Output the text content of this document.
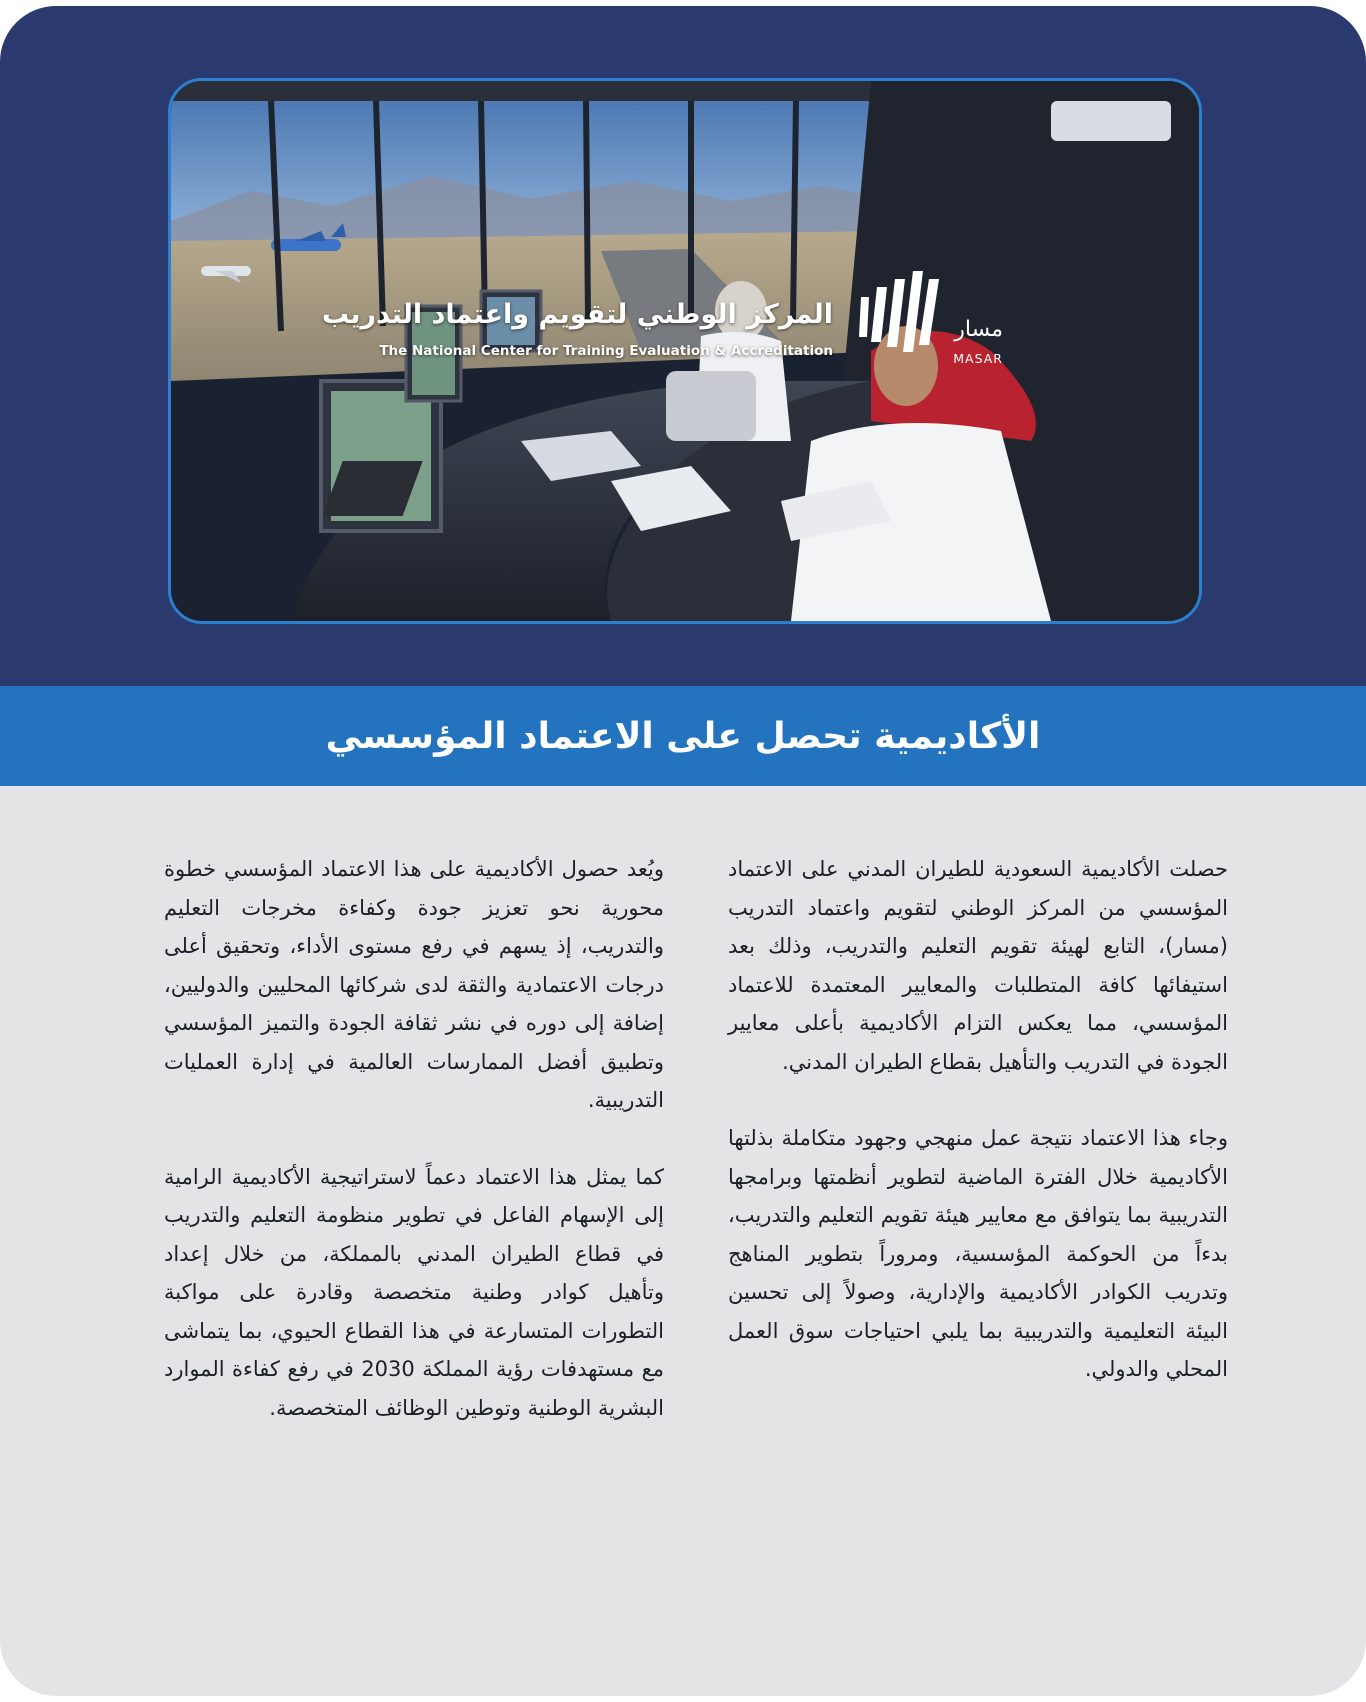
المركز الوطني لتقويم واعتماد التدريب
The National Center for Training Evaluation & Accreditation
مسار
MASAR
الأكاديمية تحصل على الاعتماد المؤسسي

حصلت الأكاديمية السعودية للطيران المدني على الاعتماد المؤسسي من المركز الوطني لتقويم واعتماد التدريب (مسار)، التابع لهيئة تقويم التعليم والتدريب، وذلك بعد استيفائها كافة المتطلبات والمعايير المعتمدة للاعتماد المؤسسي، مما يعكس التزام الأكاديمية بأعلى معايير الجودة في التدريب والتأهيل بقطاع الطيران المدني.

وجاء هذا الاعتماد نتيجة عمل منهجي وجهود متكاملة بذلتها الأكاديمية خلال الفترة الماضية لتطوير أنظمتها وبرامجها التدريبية بما يتوافق مع معايير هيئة تقويم التعليم والتدريب، بدءاً من الحوكمة المؤسسية، ومروراً بتطوير المناهج وتدريب الكوادر الأكاديمية والإدارية، وصولاً إلى تحسين البيئة التعليمية والتدريبية بما يلبي احتياجات سوق العمل المحلي والدولي.

ويُعد حصول الأكاديمية على هذا الاعتماد المؤسسي خطوة محورية نحو تعزيز جودة وكفاءة مخرجات التعليم والتدريب، إذ يسهم في رفع مستوى الأداء، وتحقيق أعلى درجات الاعتمادية والثقة لدى شركائها المحليين والدوليين، إضافة إلى دوره في نشر ثقافة الجودة والتميز المؤسسي وتطبيق أفضل الممارسات العالمية في إدارة العمليات التدريبية.

كما يمثل هذا الاعتماد دعماً لاستراتيجية الأكاديمية الرامية إلى الإسهام الفاعل في تطوير منظومة التعليم والتدريب في قطاع الطيران المدني بالمملكة، من خلال إعداد وتأهيل كوادر وطنية متخصصة وقادرة على مواكبة التطورات المتسارعة في هذا القطاع الحيوي، بما يتماشى مع مستهدفات رؤية المملكة 2030 في رفع كفاءة الموارد البشرية الوطنية وتوطين الوظائف المتخصصة.
